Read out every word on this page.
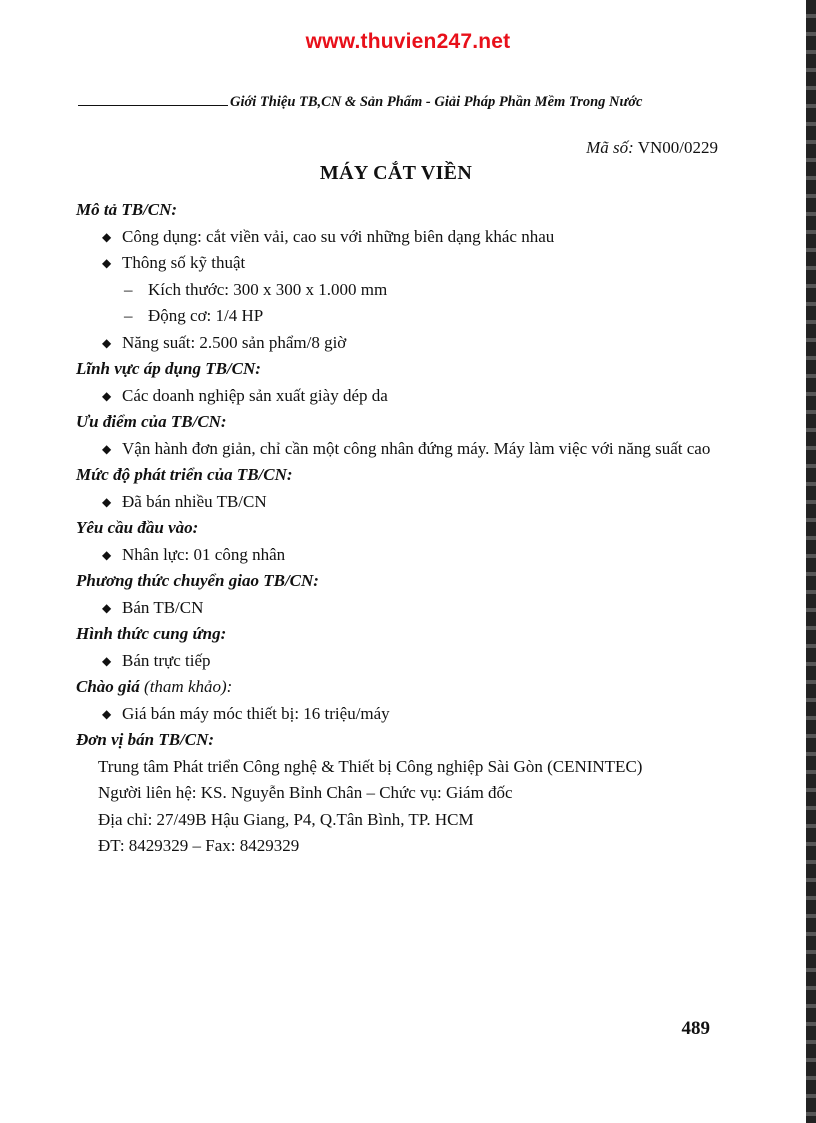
www.thuvien247.net
Giới Thiệu TB,CN & Sản Phẩm - Giải Pháp Phần Mềm Trong Nước
Mã số: VN00/0229
MÁY CẮT VIỀN
Mô tả TB/CN:
◆ Công dụng: cắt viền vải, cao su với những biên dạng khác nhau
◆ Thông số kỹ thuật
– Kích thước: 300 x 300 x 1.000 mm
– Động cơ: 1/4 HP
◆ Năng suất: 2.500 sản phẩm/8 giờ
Lĩnh vực áp dụng TB/CN:
◆ Các doanh nghiệp sản xuất giày dép da
Ưu điểm của TB/CN:
◆ Vận hành đơn giản, chỉ cần một công nhân đứng máy. Máy làm việc với năng suất cao
Mức độ phát triển của TB/CN:
◆ Đã bán nhiều TB/CN
Yêu cầu đầu vào:
◆ Nhân lực: 01 công nhân
Phương thức chuyển giao TB/CN:
◆ Bán TB/CN
Hình thức cung ứng:
◆ Bán trực tiếp
Chào giá (tham khảo):
◆ Giá bán máy móc thiết bị: 16 triệu/máy
Đơn vị bán TB/CN:
Trung tâm Phát triển Công nghệ & Thiết bị Công nghiệp Sài Gòn (CENINTEC)
Người liên hệ: KS. Nguyễn Bỉnh Chân – Chức vụ: Giám đốc
Địa chỉ: 27/49B Hậu Giang, P4, Q.Tân Bình, TP. HCM
ĐT: 8429329 – Fax: 8429329
489
